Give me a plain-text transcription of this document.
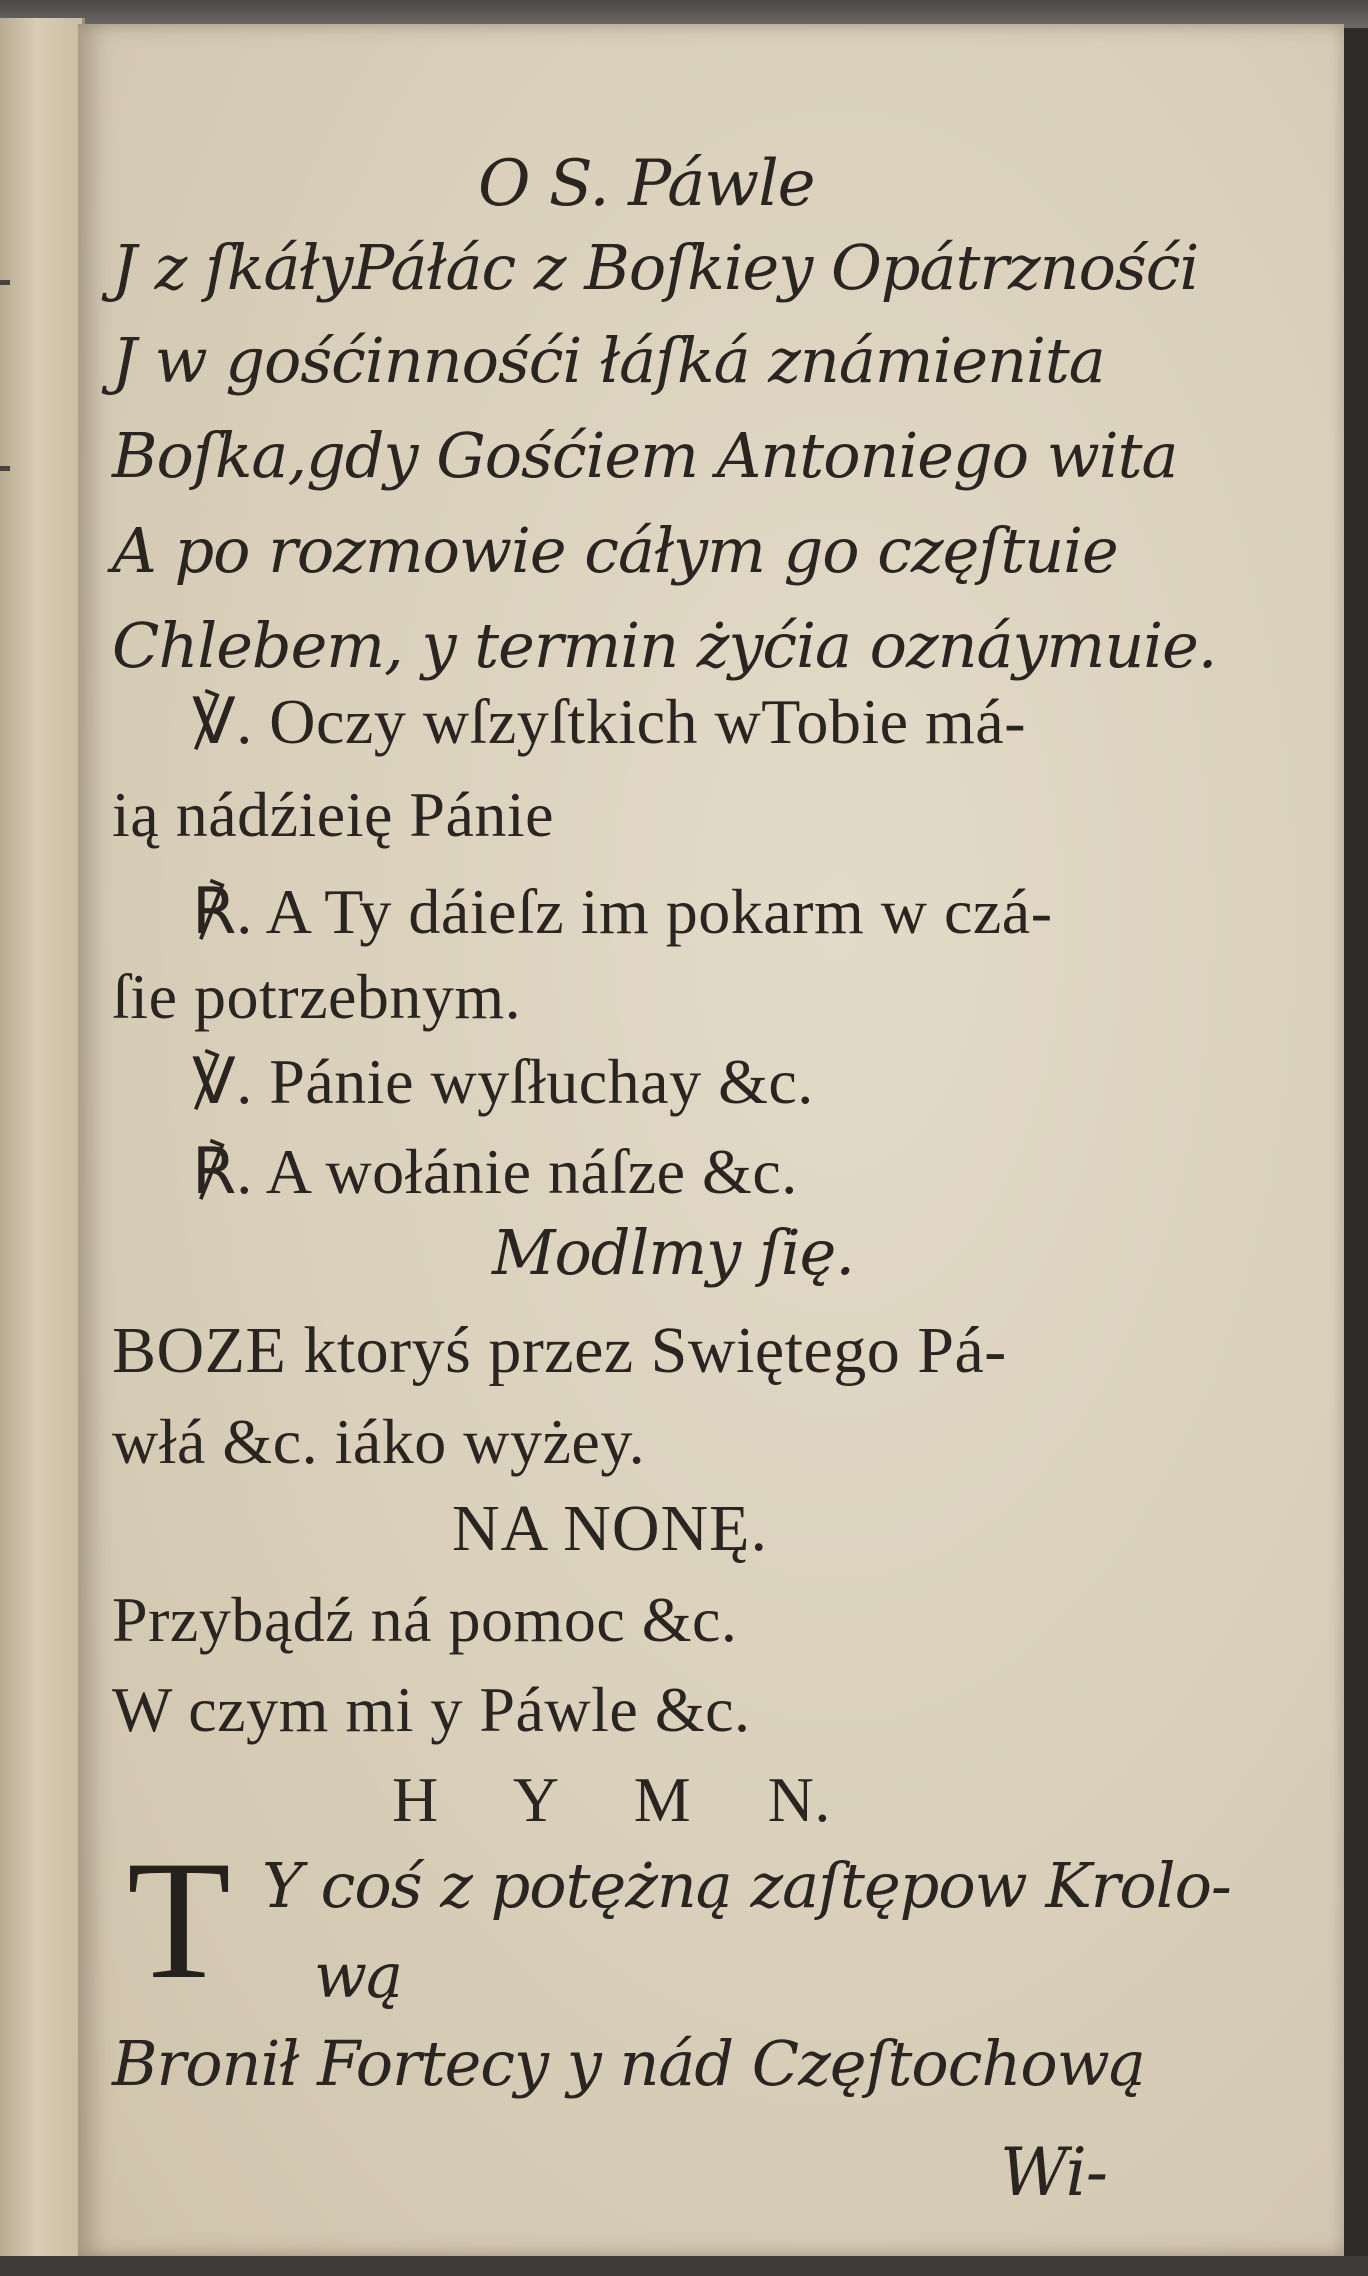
O S. Páwle
J z ſkáłyPáłác z Boſkiey Opátrznośći
J w gośćinnośći łáſká známienita
Boſka,gdy Gośćiem Antoniego wita
A po rozmowie cáłym go częſtuie
Chlebem, y termin żyćia oznáymuie.
℣. Oczy wſzyſtkich wTobie má-
ią nádźieię Pánie
℟. A Ty dáieſz im pokarm w czá-
ſie potrzebnym.
℣. Pánie wyſłuchay &c.
℟. A wołánie náſze &c.
Modlmy ſię.
BOZE ktoryś przez Swiętego Pá-
włá &c. iáko wyżey.
NA NONĘ.
Przybądź ná pomoc &c.
W czym mi y Páwle &c.
H Y M N.
T Y coś z potężną zaſtępow Krolo-
wą
Bronił Fortecy y nád Częſtochową
Wi-
